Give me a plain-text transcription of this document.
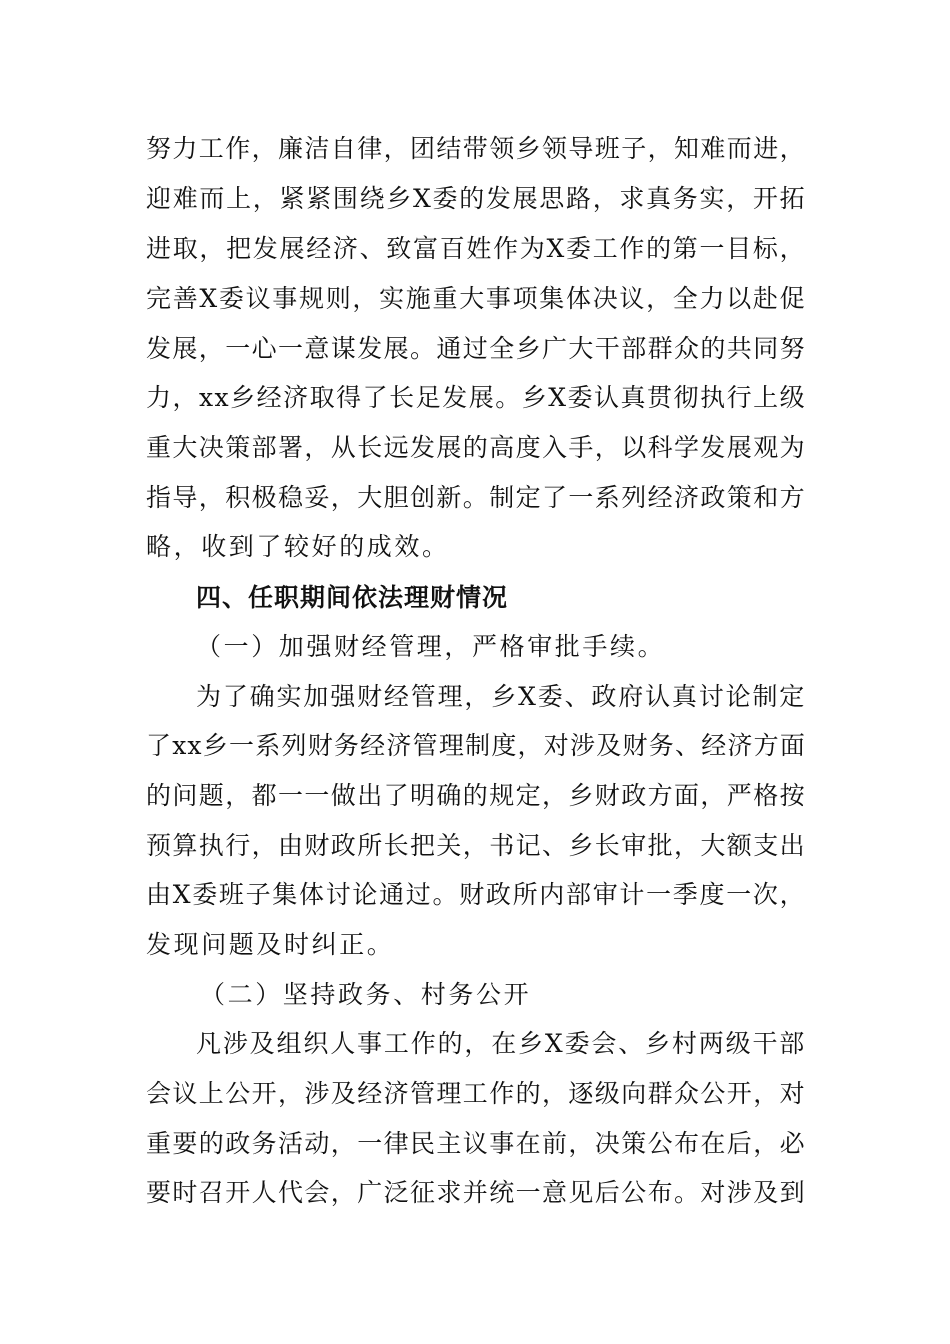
努力工作，廉洁自律，团结带领乡领导班子，知难而进，
迎难而上，紧紧围绕乡X委的发展思路，求真务实，开拓
进取，把发展经济、致富百姓作为X委工作的第一目标，
完善X委议事规则，实施重大事项集体决议，全力以赴促
发展，一心一意谋发展。通过全乡广大干部群众的共同努
力，xx乡经济取得了长足发展。乡X委认真贯彻执行上级
重大决策部署，从长远发展的高度入手，以科学发展观为
指导，积极稳妥，大胆创新。制定了一系列经济政策和方
略，收到了较好的成效。
四、任职期间依法理财情况
（一）加强财经管理，严格审批手续。
为了确实加强财经管理，乡X委、政府认真讨论制定
了xx乡一系列财务经济管理制度，对涉及财务、经济方面
的问题，都一一做出了明确的规定，乡财政方面，严格按
预算执行，由财政所长把关，书记、乡长审批，大额支出
由X委班子集体讨论通过。财政所内部审计一季度一次，
发现问题及时纠正。
（二）坚持政务、村务公开
凡涉及组织人事工作的，在乡X委会、乡村两级干部
会议上公开，涉及经济管理工作的，逐级向群众公开，对
重要的政务活动，一律民主议事在前，决策公布在后，必
要时召开人代会，广泛征求并统一意见后公布。对涉及到
